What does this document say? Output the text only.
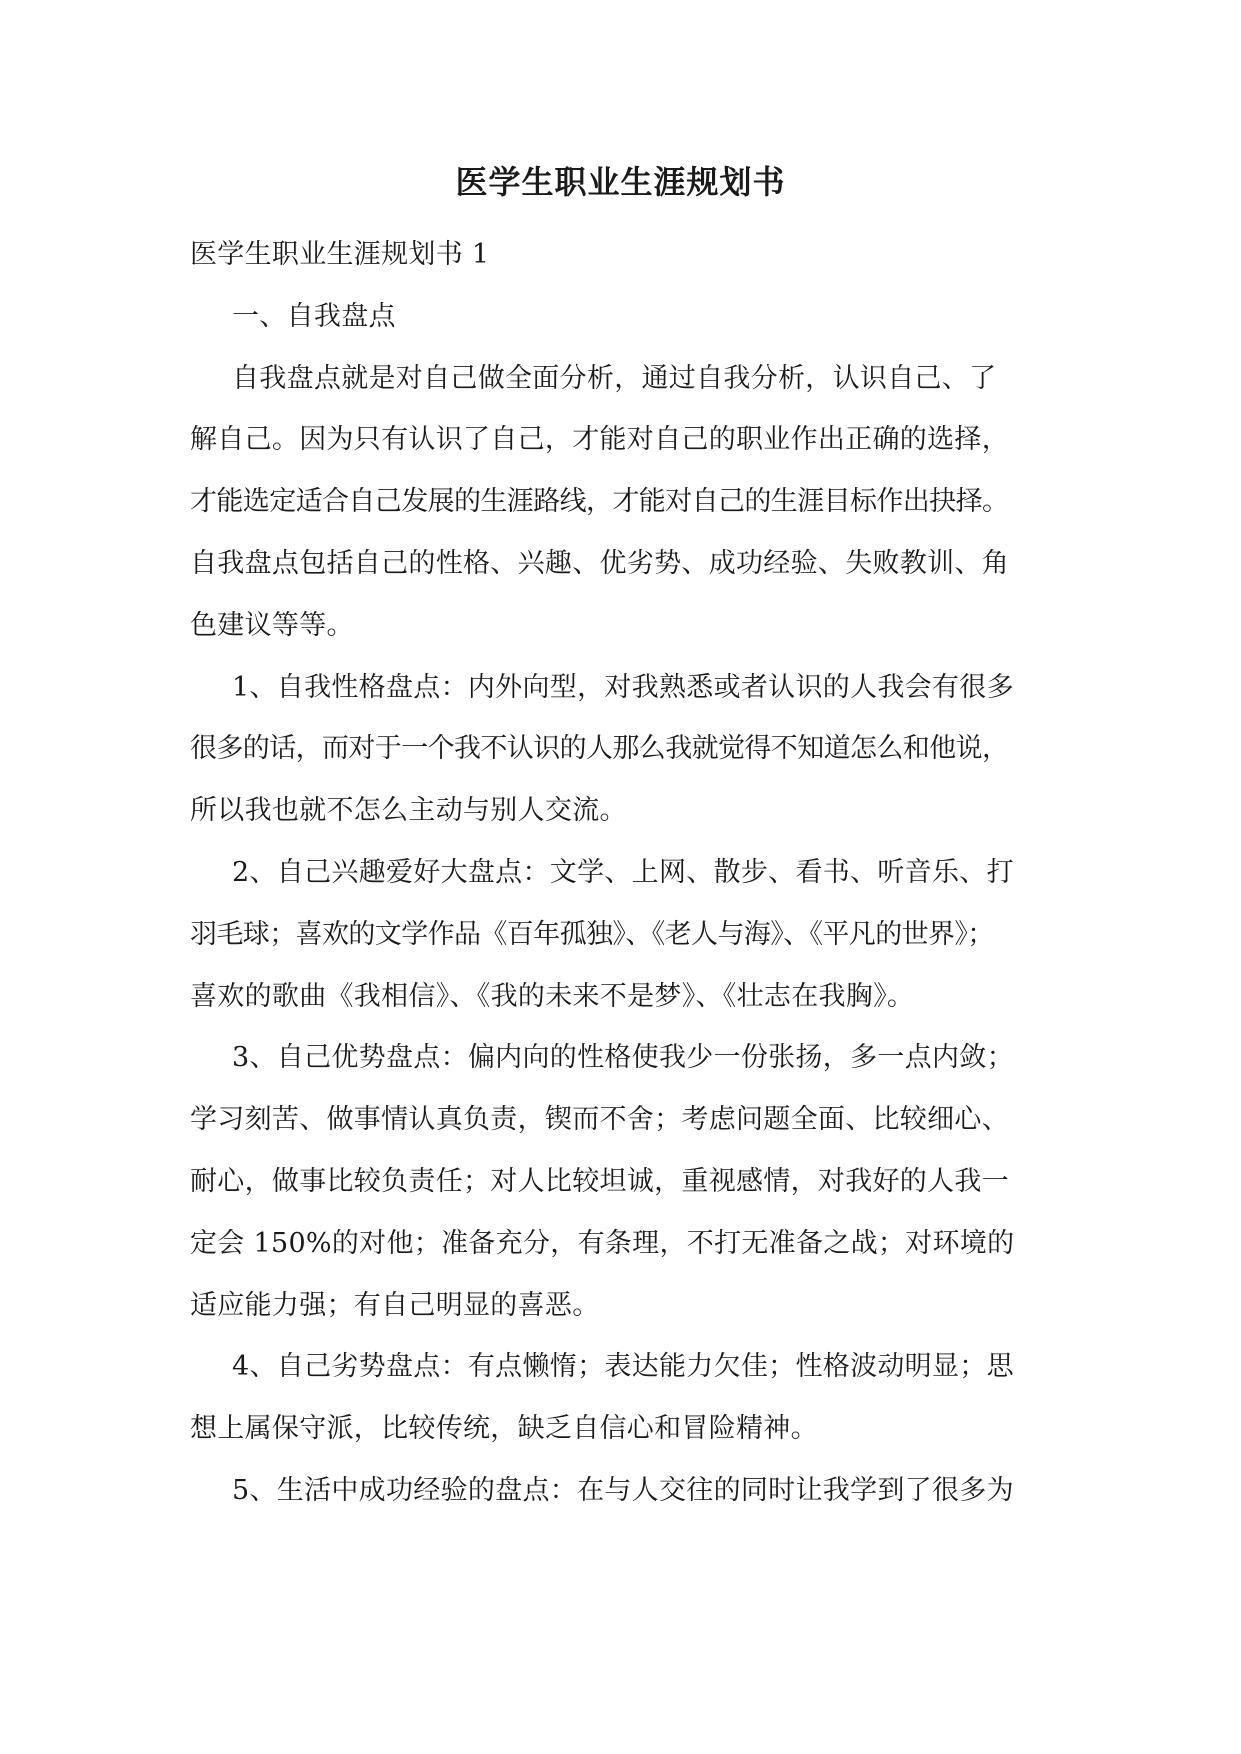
医学生职业生涯规划书
医学生职业生涯规划书 1
一、自我盘点
自我盘点就是对自己做全面分析，通过自我分析，认识自己、了
解自己。因为只有认识了自己，才能对自己的职业作出正确的选择，
才能选定适合自己发展的生涯路线，才能对自己的生涯目标作出抉择。
自我盘点包括自己的性格、兴趣、优劣势、成功经验、失败教训、角
色建议等等。
1、自我性格盘点：内外向型，对我熟悉或者认识的人我会有很多
很多的话，而对于一个我不认识的人那么我就觉得不知道怎么和他说，
所以我也就不怎么主动与别人交流。
2、自己兴趣爱好大盘点：文学、上网、散步、看书、听音乐、打
羽毛球；喜欢的文学作品《百年孤独》、《老人与海》、《平凡的世界》；
喜欢的歌曲《我相信》、《我的未来不是梦》、《壮志在我胸》。
3、自己优势盘点：偏内向的性格使我少一份张扬，多一点内敛；
学习刻苦、做事情认真负责，锲而不舍；考虑问题全面、比较细心、
耐心，做事比较负责任；对人比较坦诚，重视感情，对我好的人我一
定会 150%的对他；准备充分，有条理，不打无准备之战；对环境的
适应能力强；有自己明显的喜恶。
4、自己劣势盘点：有点懒惰；表达能力欠佳；性格波动明显；思
想上属保守派，比较传统，缺乏自信心和冒险精神。
5、生活中成功经验的盘点：在与人交往的同时让我学到了很多为
